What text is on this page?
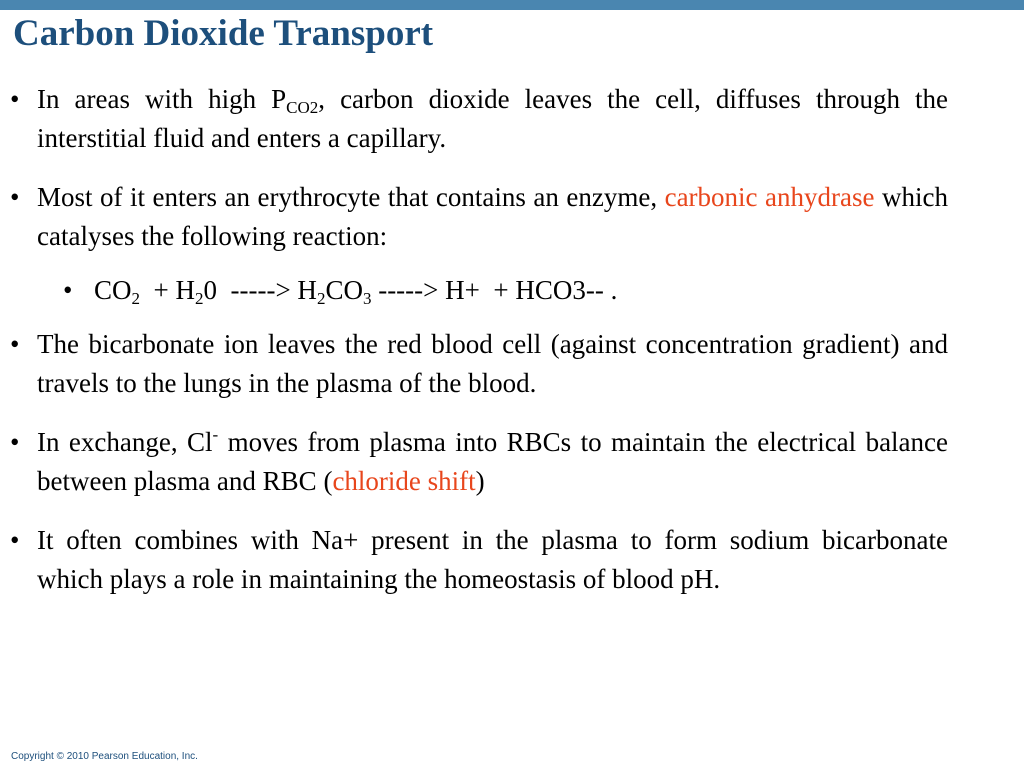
Carbon Dioxide Transport
• In areas with high $P_{CO2}$, carbon dioxide leaves the cell, diffuses through the interstitial fluid and enters a capillary.
• Most of it enters an erythrocyte that contains an enzyme, carbonic anhydrase which catalyses the following reaction:
• $CO_2 + H_20$  -----> $H_2CO_3$ -----> H+  + HCO3-- .
• The bicarbonate ion leaves the red blood cell (against concentration gradient) and travels to the lungs in the plasma of the blood.
• In exchange, Cl- moves from plasma into RBCs to maintain the electrical balance between plasma and RBC (chloride shift)
• It often combines with Na+ present in the plasma to form sodium bicarbonate which plays a role in maintaining the homeostasis of blood pH.
Copyright © 2010 Pearson Education, Inc.
